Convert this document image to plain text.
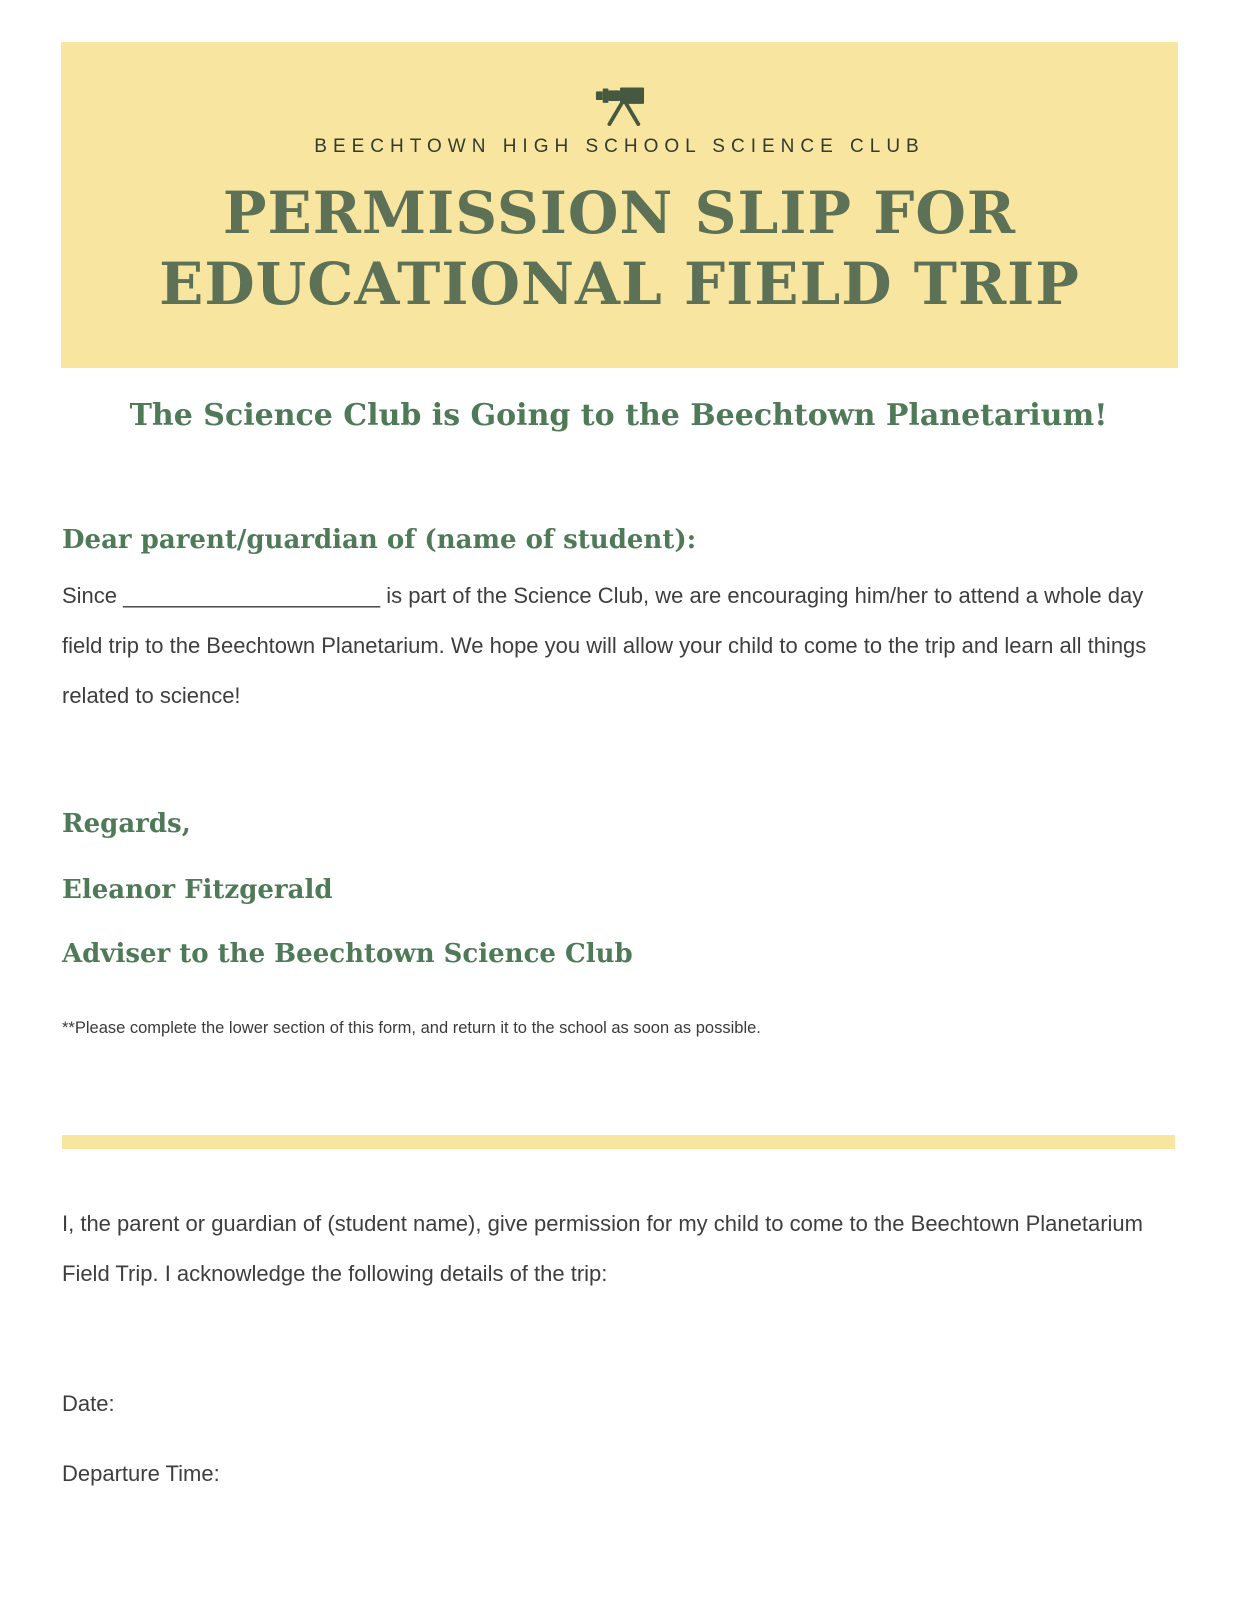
BEECHTOWN HIGH SCHOOL SCIENCE CLUB
PERMISSION SLIP FOR
EDUCATIONAL FIELD TRIP
The Science Club is Going to the Beechtown Planetarium!
Dear parent/guardian of (name of student):

Since _____________________ is part of the Science Club, we are encouraging him/her to attend a whole day field trip to the Beechtown Planetarium. We hope you will allow your child to come to the trip and learn all things related to science!

Regards,
Eleanor Fitzgerald
Adviser to the Beechtown Science Club

**Please complete the lower section of this form, and return it to the school as soon as possible.

I, the parent or guardian of (student name), give permission for my child to come to the Beechtown Planetarium Field Trip. I acknowledge the following details of the trip:

Date:

Departure Time:
